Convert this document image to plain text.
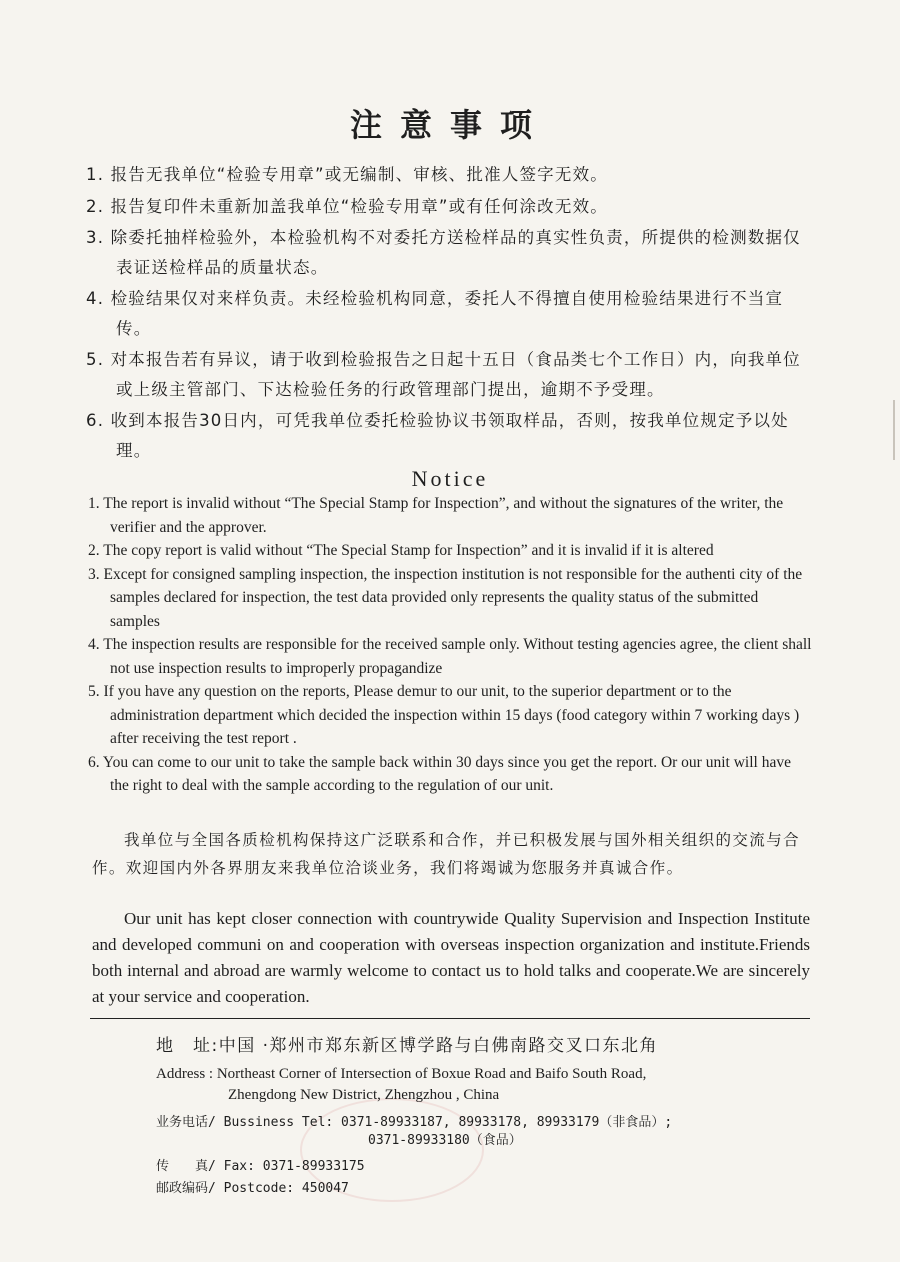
注意事项
1. 报告无我单位“检验专用章”或无编制、审核、批准人签字无效。
2. 报告复印件未重新加盖我单位“检验专用章”或有任何涂改无效。
3. 除委托抽样检验外，本检验机构不对委托方送检样品的真实性负责，所提供的检测数据仅表证送检样品的质量状态。
4. 检验结果仅对来样负责。未经检验机构同意，委托人不得擅自使用检验结果进行不当宣传。
5. 对本报告若有异议，请于收到检验报告之日起十五日（食品类七个工作日）内，向我单位或上级主管部门、下达检验任务的行政管理部门提出，逾期不予受理。
6. 收到本报告30日内，可凭我单位委托检验协议书领取样品，否则，按我单位规定予以处理。
Notice
1. The report is invalid without “The Special Stamp for Inspection”, and without the signatures of the writer, the verifier and the approver.
2. The copy report is valid without “The Special Stamp for Inspection” and it is invalid if it is altered
3. Except for consigned sampling inspection, the inspection institution is not responsible for the authenti city of the samples declared for inspection, the test data provided only represents the quality status of the submitted samples
4. The inspection results are responsible for the received sample only. Without testing agencies agree, the client shall not use inspection results to improperly propagandize
5. If you have any question on the reports, Please demur to our unit, to the superior department or to the administration department which decided the inspection within 15 days (food category within 7 working days ) after receiving the test report .
6. You can come to our unit to take the sample back within 30 days since you get the report. Or our unit will have the right to deal with the sample according to the regulation of our unit.
我单位与全国各质检机构保持这广泛联系和合作，并已积极发展与国外相关组织的交流与合作。欢迎国内外各界朋友来我单位洽谈业务，我们将竭诚为您服务并真诚合作。
Our unit has kept closer connection with countrywide Quality Supervision and Inspection Institute and developed communi on and cooperation with overseas inspection organization and institute.Friends both internal and abroad are warmly welcome to contact us to hold talks and cooperate.We are sincerely at your service and cooperation.
地　址:中国 ·郑州市郑东新区博学路与白佛南路交叉口东北角
Address : Northeast Corner of Intersection of Boxue Road and Baifo South Road,
Zhengdong New District, Zhengzhou , China
业务电话/ Bussiness Tel: 0371-89933187, 89933178, 89933179（非食品）;
0371-89933180（食品）
传　　真/ Fax: 0371-89933175
邮政编码/ Postcode: 450047
